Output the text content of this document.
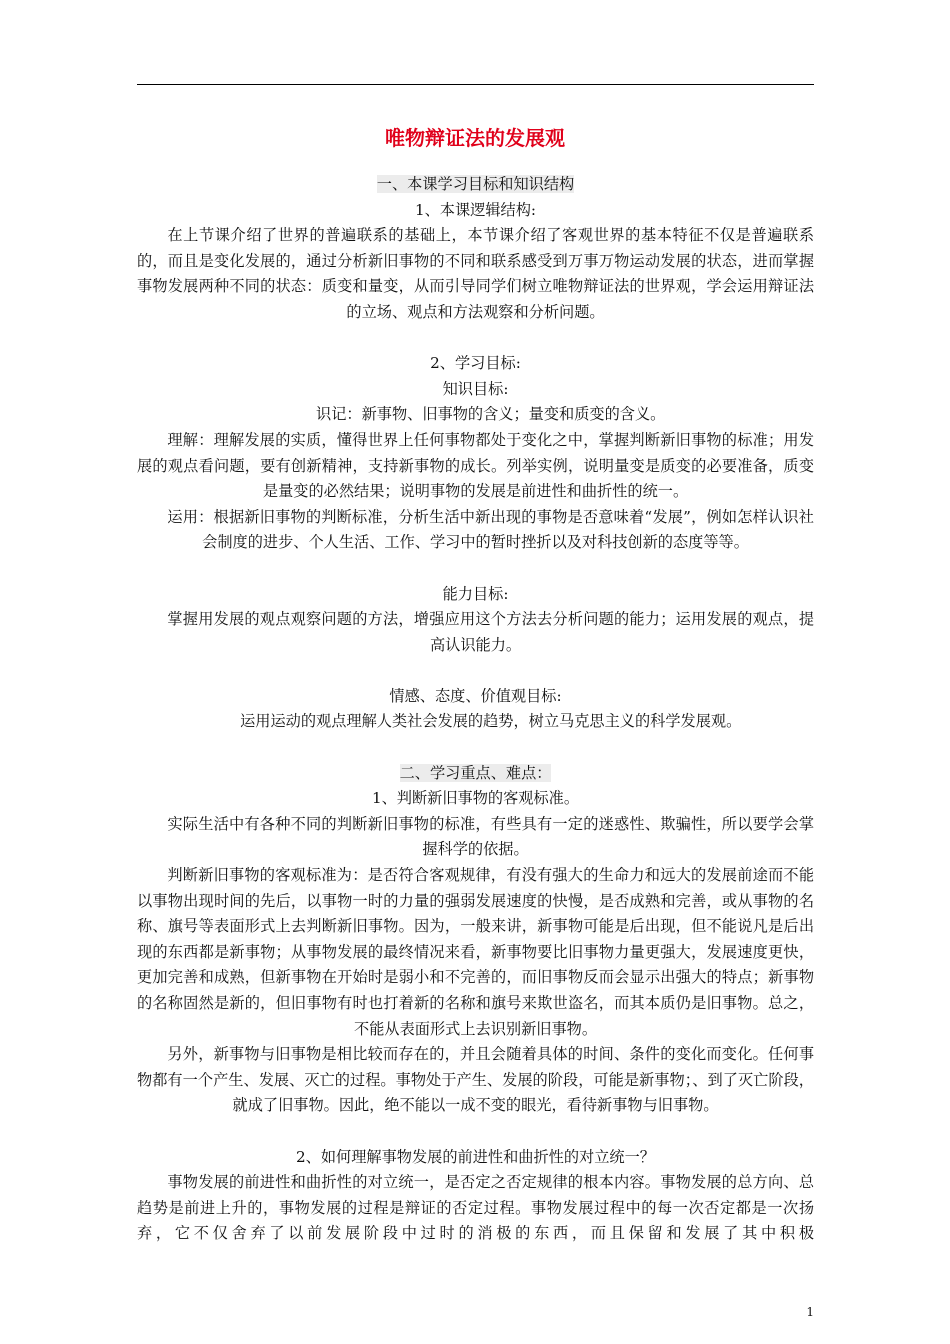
唯物辩证法的发展观

一、本课学习目标和知识结构

1、本课逻辑结构:

在上节课介绍了世界的普遍联系的基础上，本节课介绍了客观世界的基本特征不仅是普遍联系的，而且是变化发展的，通过分析新旧事物的不同和联系感受到万事万物运动发展的状态，进而掌握事物发展两种不同的状态：质变和量变，从而引导同学们树立唯物辩证法的世界观，学会运用辩证法的立场、观点和方法观察和分析问题。

2、学习目标:

知识目标:

识记：新事物、旧事物的含义；量变和质变的含义。

理解：理解发展的实质，懂得世界上任何事物都处于变化之中，掌握判断新旧事物的标准；用发展的观点看问题，要有创新精神，支持新事物的成长。列举实例，说明量变是质变的必要准备，质变是量变的必然结果；说明事物的发展是前进性和曲折性的统一。

运用：根据新旧事物的判断标准，分析生活中新出现的事物是否意味着“发展”，例如怎样认识社会制度的进步、个人生活、工作、学习中的暂时挫折以及对科技创新的态度等等。

能力目标:

掌握用发展的观点观察问题的方法，增强应用这个方法去分析问题的能力；运用发展的观点，提高认识能力。

情感、态度、价值观目标:

运用运动的观点理解人类社会发展的趋势，树立马克思主义的科学发展观。

二、学习重点、难点：

1、判断新旧事物的客观标准。

实际生活中有各种不同的判断新旧事物的标准，有些具有一定的迷惑性、欺骗性，所以要学会掌握科学的依据。

判断新旧事物的客观标准为：是否符合客观规律，有没有强大的生命力和远大的发展前途而不能以事物出现时间的先后，以事物一时的力量的强弱发展速度的快慢，是否成熟和完善，或从事物的名称、旗号等表面形式上去判断新旧事物。因为，一般来讲，新事物可能是后出现，但不能说凡是后出现的东西都是新事物；从事物发展的最终情况来看，新事物要比旧事物力量更强大，发展速度更快，更加完善和成熟，但新事物在开始时是弱小和不完善的，而旧事物反而会显示出强大的特点；新事物的名称固然是新的，但旧事物有时也打着新的名称和旗号来欺世盗名，而其本质仍是旧事物。总之，不能从表面形式上去识别新旧事物。

另外，新事物与旧事物是相比较而存在的，并且会随着具体的时间、条件的变化而变化。任何事物都有一个产生、发展、灭亡的过程。事物处于产生、发展的阶段，可能是新事物；、到了灭亡阶段，就成了旧事物。因此，绝不能以一成不变的眼光，看待新事物与旧事物。

2、如何理解事物发展的前进性和曲折性的对立统一？

事物发展的前进性和曲折性的对立统一，是否定之否定规律的根本内容。事物发展的总方向、总趋势是前进上升的，事物发展的过程是辩证的否定过程。事物发展过程中的每一次否定都是一次扬弃，它不仅舍弃了以前发展阶段中过时的消极的东西，而且保留和发展了其中积极

1
